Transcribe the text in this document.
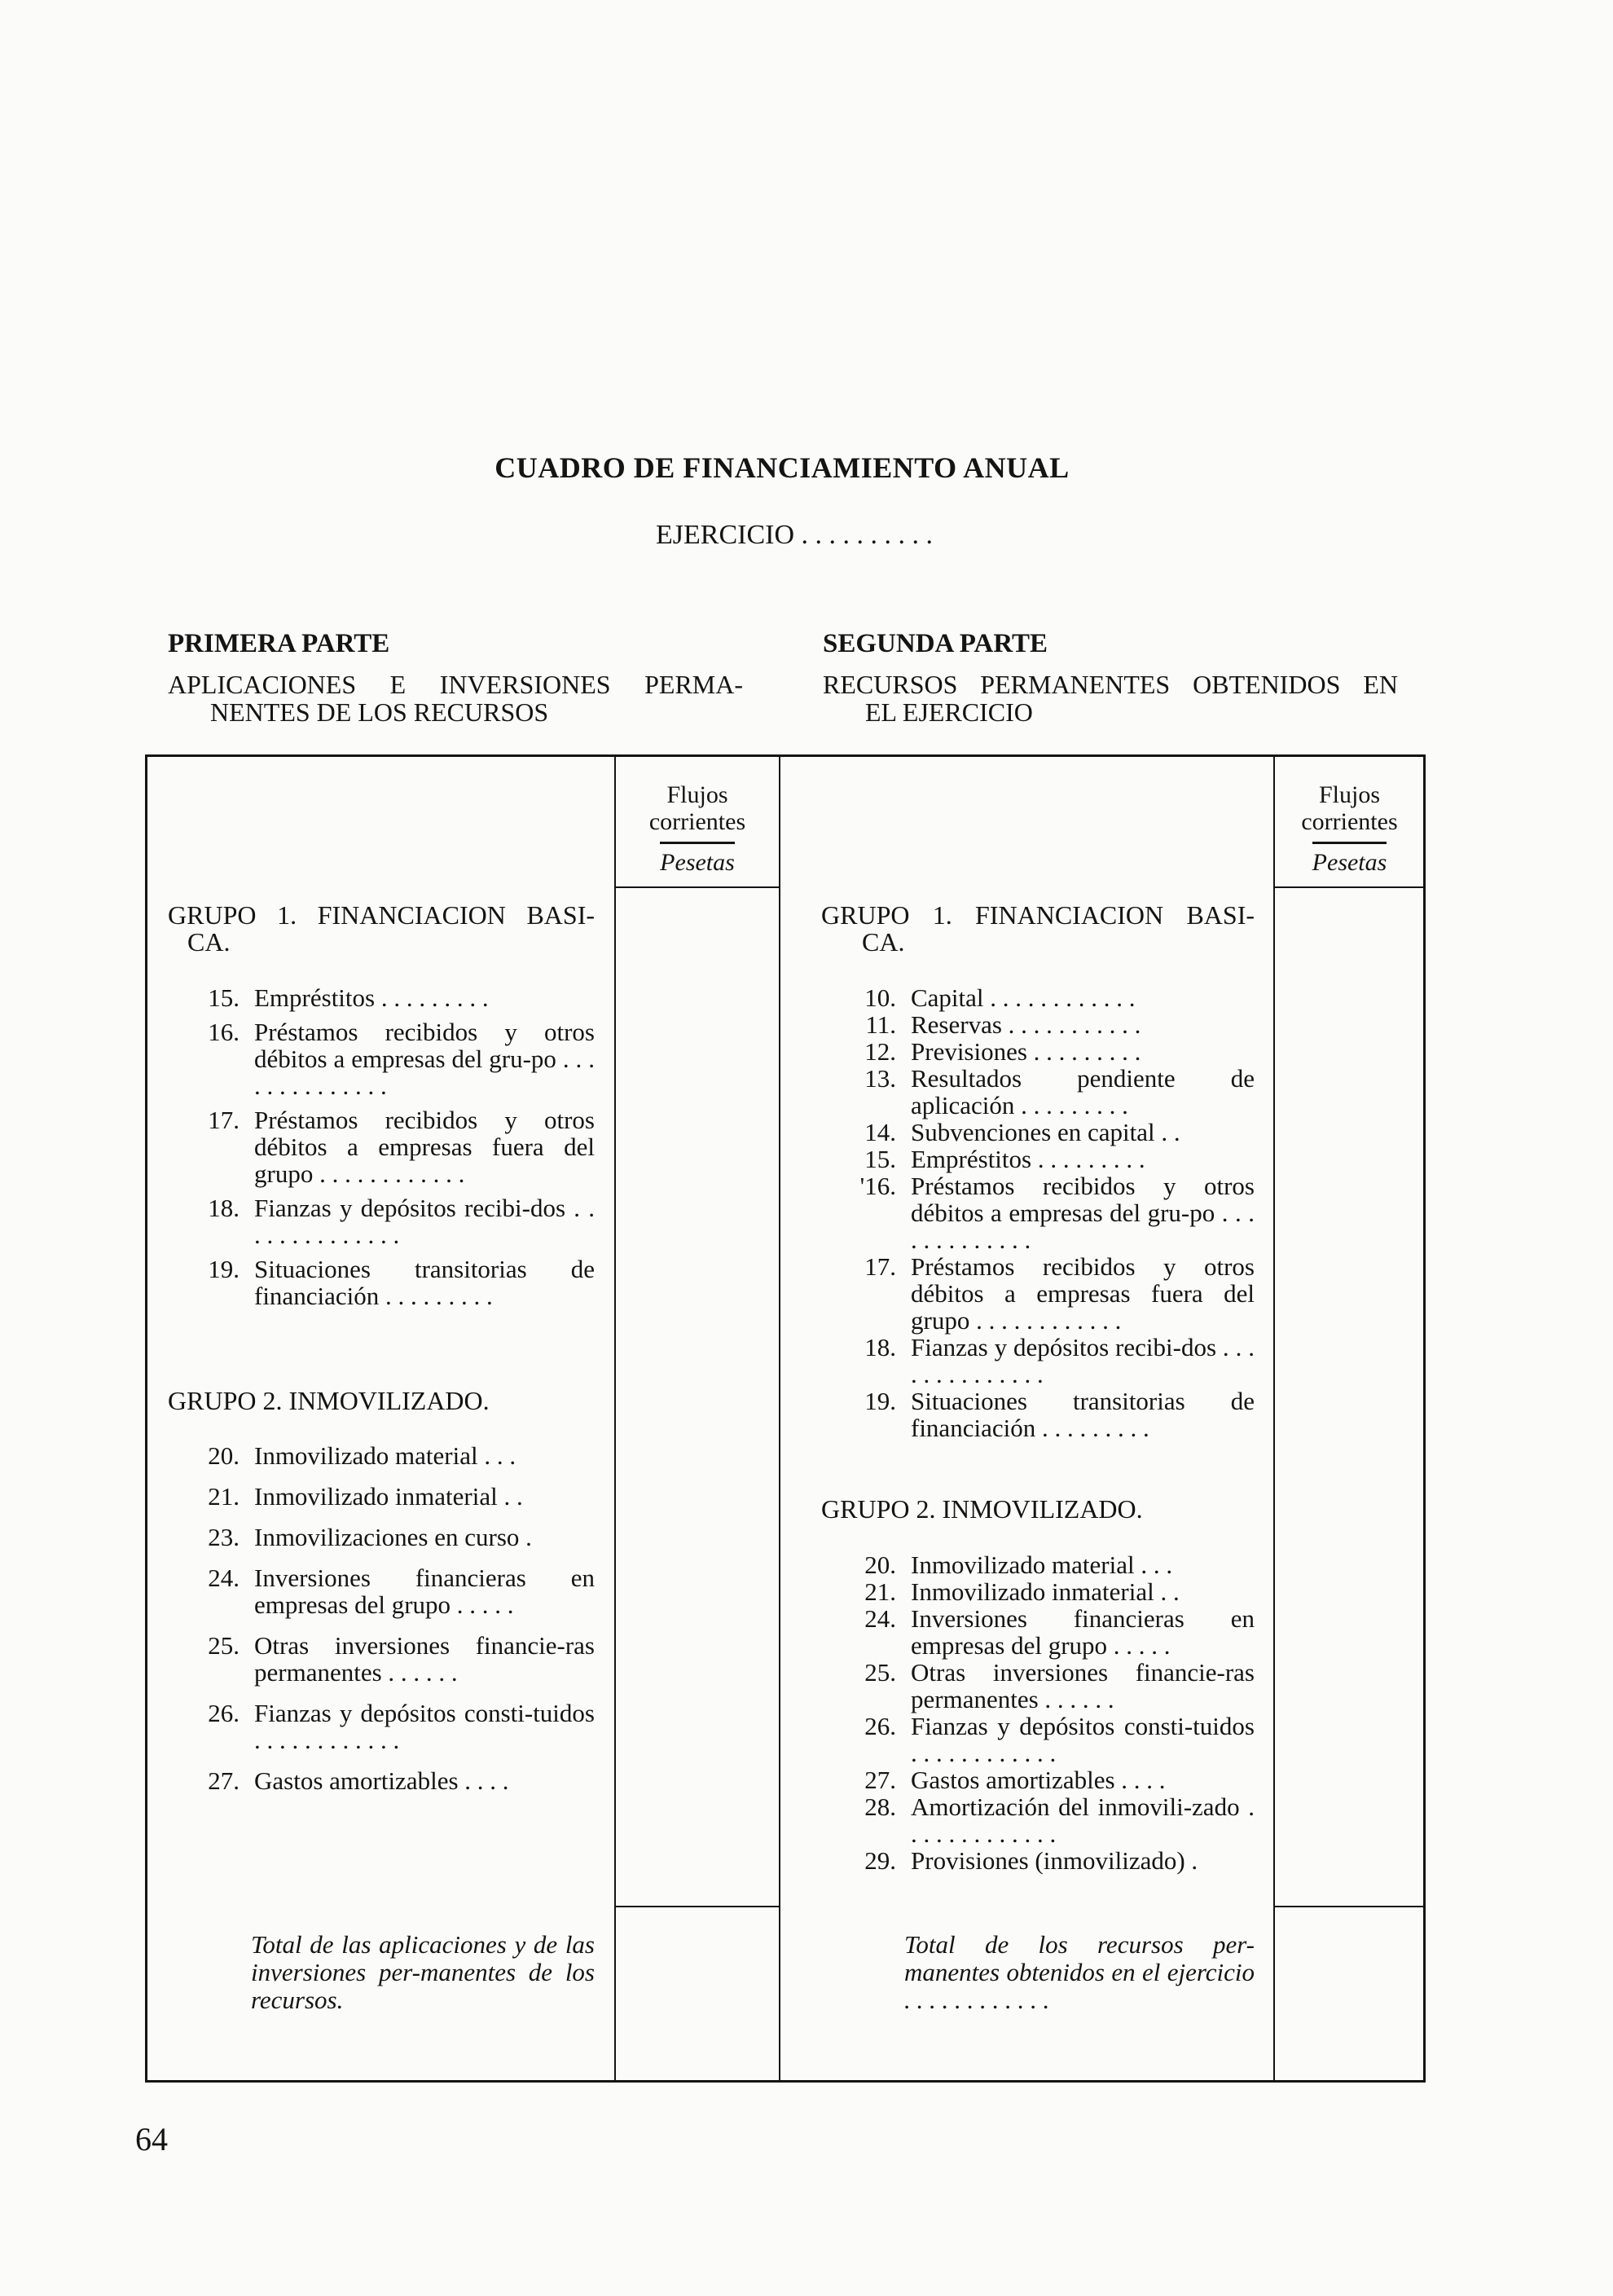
CUADRO DE FINANCIAMIENTO ANUAL
EJERCICIO . . . . . . . . . .
PRIMERA PARTE
APLICACIONES E INVERSIONES PERMA-
NENTES DE LOS RECURSOS
SEGUNDA PARTE
RECURSOS PERMANENTES OBTENIDOS EN
EL EJERCICIO
Flujos
corrientes
Pesetas
Flujos
corrientes
Pesetas
GRUPO 1. FINANCIACION BASI-
CA.
15. Empréstitos . . . . . . . . .
16. Préstamos recibidos y otros débitos a empresas del gru-po . . . . . . . . . . . . . .
17. Préstamos recibidos y otros débitos a empresas fuera del grupo . . . . . . . . . . . .
18. Fianzas y depósitos recibi-dos . . . . . . . . . . . . . .
19. Situaciones transitorias de financiación . . . . . . . . .
GRUPO 2. INMOVILIZADO.
20. Inmovilizado material . . .
21. Inmovilizado inmaterial . .
23. Inmovilizaciones en curso .
24. Inversiones financieras en empresas del grupo . . . . .
25. Otras inversiones financie-ras permanentes . . . . . .
26. Fianzas y depósitos consti-tuidos . . . . . . . . . . . .
27. Gastos amortizables . . . .
Total de las aplicaciones y de las inversiones per-manentes de los recursos.
GRUPO 1. FINANCIACION BASI-
CA.
10. Capital . . . . . . . . . . . .
11. Reservas . . . . . . . . . . .
12. Previsiones . . . . . . . . .
13. Resultados pendiente de aplicación . . . . . . . . .
14. Subvenciones en capital . .
15. Empréstitos . . . . . . . . .
'16. Préstamos recibidos y otros débitos a empresas del gru-po . . . . . . . . . . . . .
17. Préstamos recibidos y otros débitos a empresas fuera del grupo . . . . . . . . . . . .
18. Fianzas y depósitos recibi-dos . . . . . . . . . . . . . .
19. Situaciones transitorias de financiación . . . . . . . . .
GRUPO 2. INMOVILIZADO.
20. Inmovilizado material . . .
21. Inmovilizado inmaterial . .
24. Inversiones financieras en empresas del grupo . . . . .
25. Otras inversiones financie-ras permanentes . . . . . .
26. Fianzas y depósitos consti-tuidos . . . . . . . . . . . .
27. Gastos amortizables . . . .
28. Amortización del inmovili-zado . . . . . . . . . . . . .
29. Provisiones (inmovilizado) .
Total de los recursos per-manentes obtenidos en el ejercicio . . . . . . . . . . . .
64
